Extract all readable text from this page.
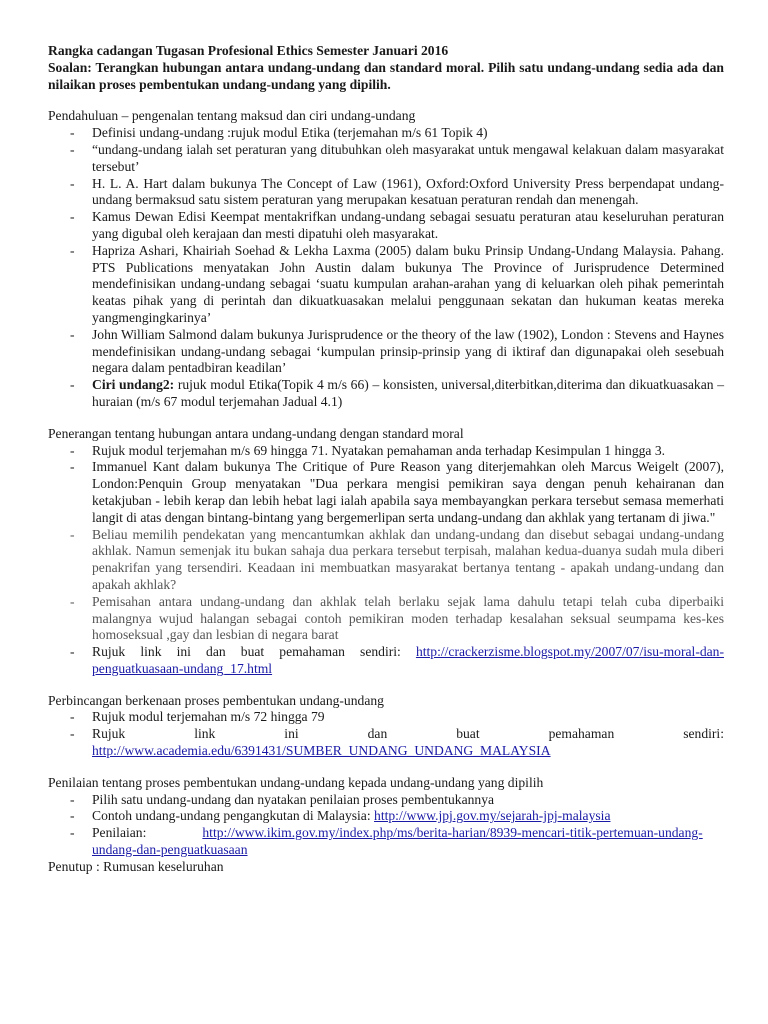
Rangka cadangan Tugasan Profesional Ethics Semester Januari 2016
Soalan: Terangkan hubungan antara undang-undang dan standard moral. Pilih satu undang-undang sedia ada dan nilaikan proses pembentukan undang-undang yang dipilih.
Pendahuluan – pengenalan tentang maksud dan ciri undang-undang
- Definisi undang-undang :rujuk modul Etika (terjemahan m/s 61 Topik 4)
- “undang-undang ialah set peraturan yang ditubuhkan oleh masyarakat untuk mengawal kelakuan dalam masyarakat tersebut’
- H. L. A. Hart dalam bukunya The Concept of Law (1961), Oxford:Oxford University Press berpendapat undang-undang bermaksud satu sistem peraturan yang merupakan kesatuan peraturan rendah dan menengah.
- Kamus Dewan Edisi Keempat mentakrifkan undang-undang sebagai sesuatu peraturan atau keseluruhan peraturan yang digubal oleh kerajaan dan mesti dipatuhi oleh masyarakat.
- Hapriza Ashari, Khairiah Soehad & Lekha Laxma (2005) dalam buku Prinsip Undang-Undang Malaysia. Pahang. PTS Publications menyatakan John Austin dalam bukunya The Province of Jurisprudence Determined mendefinisikan undang-undang sebagai ‘suatu kumpulan arahan-arahan yang di keluarkan oleh pihak pemerintah keatas pihak yang di perintah dan dikuatkuasakan melalui penggunaan sekatan dan hukuman keatas mereka yangmengingkarinya’
- John William Salmond dalam bukunya Jurisprudence or the theory of the law (1902), London : Stevens and Haynes mendefinisikan undang-undang sebagai ‘kumpulan prinsip-prinsip yang di iktiraf dan digunapakai oleh sesebuah negara dalam pentadbiran keadilan’
- Ciri undang2: rujuk modul Etika(Topik 4 m/s 66) – konsisten, universal,diterbitkan,diterima dan dikuatkuasakan – huraian (m/s 67 modul terjemahan Jadual 4.1)
Penerangan tentang hubungan antara undang-undang dengan standard moral
- Rujuk modul terjemahan m/s 69 hingga 71. Nyatakan pemahaman anda terhadap Kesimpulan 1 hingga 3.
- Immanuel Kant dalam bukunya The Critique of Pure Reason yang diterjemahkan oleh Marcus Weigelt (2007), London:Penquin Group menyatakan "Dua perkara mengisi pemikiran saya dengan penuh kehairanan dan ketakjuban - lebih kerap dan lebih hebat lagi ialah apabila saya membayangkan perkara tersebut semasa memerhati langit di atas dengan bintang-bintang yang bergemerlipan serta undang-undang dan akhlak yang tertanam di jiwa."
- Beliau memilih pendekatan yang mencantumkan akhlak dan undang-undang dan disebut sebagai undang-undang akhlak. Namun semenjak itu bukan sahaja dua perkara tersebut terpisah, malahan kedua-duanya sudah mula diberi penakrifan yang tersendiri. Keadaan ini membuatkan masyarakat bertanya tentang - apakah undang-undang dan apakah akhlak?
- Pemisahan antara undang-undang dan akhlak telah berlaku sejak lama dahulu tetapi telah cuba diperbaiki malangnya wujud halangan sebagai contoh pemikiran moden terhadap kesalahan seksual seumpama kes-kes homoseksual ,gay dan lesbian di negara barat
- Rujuk link ini dan buat pemahaman sendiri: http://crackerzisme.blogspot.my/2007/07/isu-moral-dan-penguatkuasaan-undang_17.html
Perbincangan berkenaan proses pembentukan undang-undang
- Rujuk modul terjemahan m/s 72 hingga 79
- Rujuk	link	ini	dan	buat	pemahaman	sendiri:
http://www.academia.edu/6391431/SUMBER_UNDANG_UNDANG_MALAYSIA
Penilaian tentang proses pembentukan undang-undang kepada undang-undang yang dipilih
- Pilih satu undang-undang dan nyatakan penilaian proses pembentukannya
- Contoh undang-undang pengangkutan di Malaysia: http://www.jpj.gov.my/sejarah-jpj-malaysia
- Penilaian:	http://www.ikim.gov.my/index.php/ms/berita-harian/8939-mencari-titik-pertemuan-undang-undang-dan-penguatkuasaan
Penutup : Rumusan keseluruhan
